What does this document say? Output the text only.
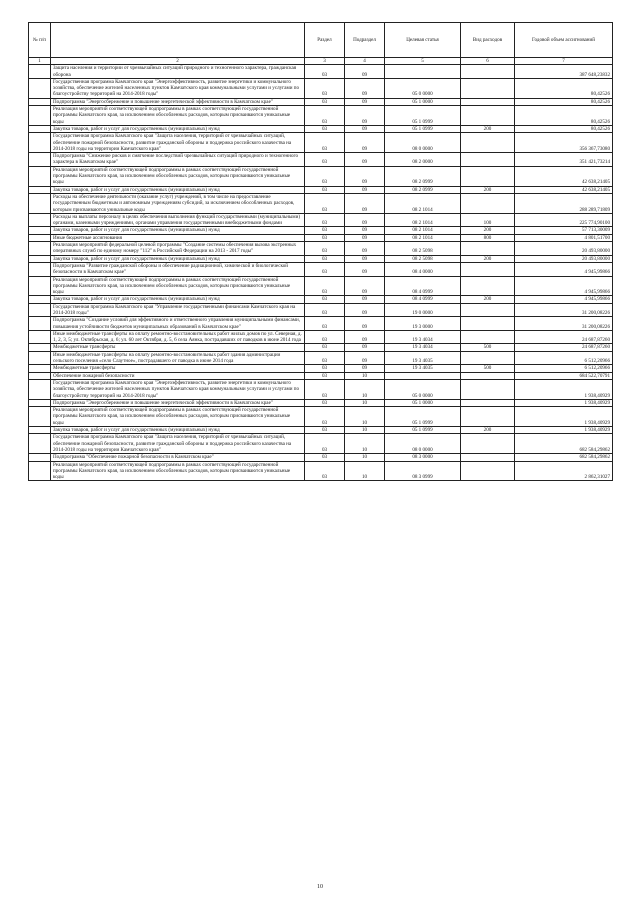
№ п/п		Раздел	Подраздел	Целевая статья	Вид расходов	Годовой объем ассигнований
1	2	3	4	5	6	7
	Защита населения и территории от чрезвычайных ситуаций природного и техногенного характера, гражданская оборона	03	09			387 648,23832
	Государственная программа Камчатского края "Энергоэффективность, развитие энергетики и коммунального хозяйства, обеспечение жителей населенных пунктов Камчатского края коммунальными услугами и услугами по благоустройству территорий на 2014-2018 годы"	03	09	05 0 0000		80,42526
	Подпрограмма "Энергосбережение и повышение энергетической эффективности в Камчатском крае"	03	09	05 1 0000		80,42526
	Реализация мероприятий соответствующей подпрограммы в рамках соответствующей государственной программы Камчатского края, за исключением обособленных расходов, которым присваиваются уникальные коды	03	09	05 1 0999		80,42526
	Закупка товаров, работ и услуг для государственных (муниципальных) нужд	03	09	05 1 0999	200	80,42526
	Государственная программа Камчатского края "Защита населения, территорий от чрезвычайных ситуаций, обеспечение пожарной безопасности, развитие гражданской обороны и поддержка российского казачества на 2014-2018 годы на территории Камчатского края"	03	09	08 0 0000		356 367,73080
	Подпрограмма "Снижение рисков и смягчение последствий чрезвычайных ситуаций природного и техногенного характера в Камчатском крае"	03	09	08 2 0000		351 421,73214
	Реализация мероприятий соответствующей подпрограммы в рамках соответствующей государственной программы Камчатского края, за исключением обособленных расходов, которым присваиваются уникальные коды	03	09	08 2 0999		42 638,21405
	Закупка товаров, работ и услуг для государственных (муниципальных) нужд	03	09	08 2 0999	200	42 638,21405
	Расходы на обеспечение деятельности (оказание услуг) учреждений, в том числе на предоставление государственным бюджетным и автономным учреждениям субсидий, за исключением обособленных расходов, которым присваиваются уникальные коды	03	09	08 2 1014		288 289,71809
	Расходы на выплаты персоналу в целях обеспечения выполнения функций государственными (муниципальными) органами, казенными учреждениями, органами управления государственными внебюджетными фондами	03	09	08 2 1014	100	225 774,90100
	Закупка товаров, работ и услуг для государственных (муниципальных) нужд	03	09	08 2 1014	200	57 713,30009
	Иные бюджетные ассигнования	03	09	08 2 1014	800	4 801,51700
	Реализация мероприятий федеральной целевой программы "Создание системы обеспечения вызова экстренных оперативных служб по единому номеру "112" в Российской Федерации на 2013 - 2017 годы"	03	09	08 2 5098		20 493,80000
	Закупка товаров, работ и услуг для государственных (муниципальных) нужд	03	09	08 2 5098	200	20 493,80000
	Подпрограмма "Развитие гражданской обороны и обеспечение радиационной, химической и биологической безопасности в Камчатском крае"	03	09	08 4 0000		4 945,99866
	Реализация мероприятий соответствующей подпрограммы в рамках соответствующей государственной программы Камчатского края, за исключением обособленных расходов, которым присваиваются уникальные коды	03	09	08 4 0999		4 945,99866
	Закупка товаров, работ и услуг для государственных (муниципальных) нужд	03	09	08 4 0999	200	4 945,99866
	Государственная программа Камчатского края "Управление государственными финансами Камчатского края на 2014-2018 годы"	03	09	19 0 0000		31 200,08226
	Подпрограмма "Создание условий для эффективного и ответственного управления муниципальными финансами, повышения устойчивости бюджетов муниципальных образований в Камчатском крае"	03	09	19 3 0000		31 200,08226
	Иные межбюджетные трансферты на оплату ремонтно-восстановительных работ жилых домов по ул. Северная, д. 1, 2, 3, 5; ул. Октябрьская, д. 6; ул. 60 лет Октября, д. 5, 6 села Аянка, пострадавших от паводков в июне 2014 года	03	09	19 3 4034		24 687,87260
	Межбюджетные трансферты	03	09	19 3 4034	500	24 687,87260
	Иные межбюджетные трансферты на оплату ремонтно-восстановительных работ здания администрации сельского поселения «село Слаутное», пострадавшего от паводка в июне 2014 года	03	09	19 3 4035		6 512,20966
	Межбюджетные трансферты	03	09	19 3 4035	500	6 512,20966
	Обеспечение пожарной безопасности	03	10			684 522,70791
	Государственная программа Камчатского края "Энергоэффективность, развитие энергетики и коммунального хозяйства, обеспечение жителей населенных пунктов Камчатского края коммунальными услугами и услугами по благоустройству территорий на 2014-2018 годы"	03	10	05 0 0000		1 938,40929
	Подпрограмма "Энергосбережение и повышение энергетической эффективности в Камчатском крае"	03	10	05 1 0000		1 938,40929
	Реализация мероприятий соответствующей подпрограммы в рамках соответствующей государственной программы Камчатского края, за исключением обособленных расходов, которым присваиваются уникальные коды	03	10	05 1 0999		1 938,40929
	Закупка товаров, работ и услуг для государственных (муниципальных) нужд	03	10	05 1 0999	200	1 938,40929
	Государственная программа Камчатского края "Защита населения, территорий от чрезвычайных ситуаций, обеспечение пожарной безопасности, развитие гражданской обороны и поддержка российского казачества на 2014-2018 годы на территории Камчатского края"	03	10	08 0 0000		682 584,29862
	Подпрограмма "Обеспечение пожарной безопасности в Камчатском крае"	03	10	08 3 0000		682 584,29862
	Реализация мероприятий соответствующей подпрограммы в рамках соответствующей государственной программы Камчатского края, за исключением обособленных расходов, которым присваиваются уникальные коды	03	10	08 3 0999		2 862,31027
10
